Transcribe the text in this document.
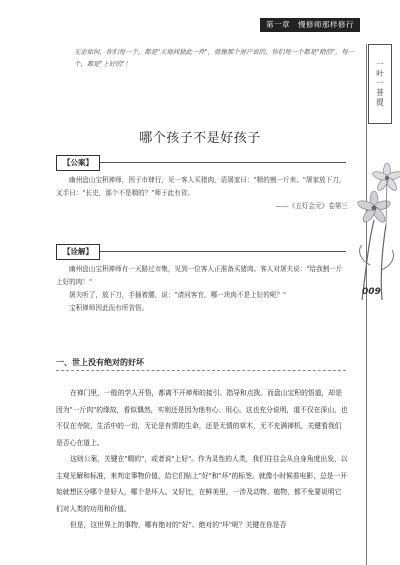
第一章　慢修师那样修行
一叶一菩提
无论如何，你们每一个，都是"天地间独此一件"，就像那个屠户说的，你们每一个都是"精的"，每一个，都是"上好的"！
009
哪个孩子不是好孩子
【公案】
幽州盘山宝积禅师，因于市肆行，见一客人买猪肉，语屠家曰："精的割一斤来。"屠家放下刀，叉手曰："长史，那个不是精的？"师于此有省。
——《五灯会元》卷第三
【诠解】
幽州盘山宝积禅师有一天路过市集，见到一位客人正准备买猪肉。客人对屠夫说："给我割一斤上好的肉！"
屠夫听了，放下刀，手插着腰，说："请问客官，哪一块肉不是上好的呢？"
宝积禅师因此而有所省悟。
一、世上没有绝对的好坏

在禅门里，一般的学人开悟，都离不开禅师的接引、指导和点拨。而盘山宝积的悟道，却是因为"一斤肉"的缘故，看似偶然，实则还是因为他有心、用心。这也充分说明，道不仅在深山，也不仅在寺院，生活中的一切，无论是有情的生命，还是无情的草木，无不充满禅机，关键看我们是否心在道上。

这则公案，关键在"精的"，或者说"上好"。作为灵性的人类，我们往往会从自身角度出发，以主观见解和标准，来判定事物价值，给它们贴上"好"和"坏"的标签。就像小时候看电影，总是一开始就想区分哪个是好人，哪个是坏人。又好比，在鲜美里，一涉及动物、植物，都不免要说明它们对人类的功用和价值。

但是，这世界上的事物，哪有绝对的"好"、绝对的"坏"呢？关键在你是否
